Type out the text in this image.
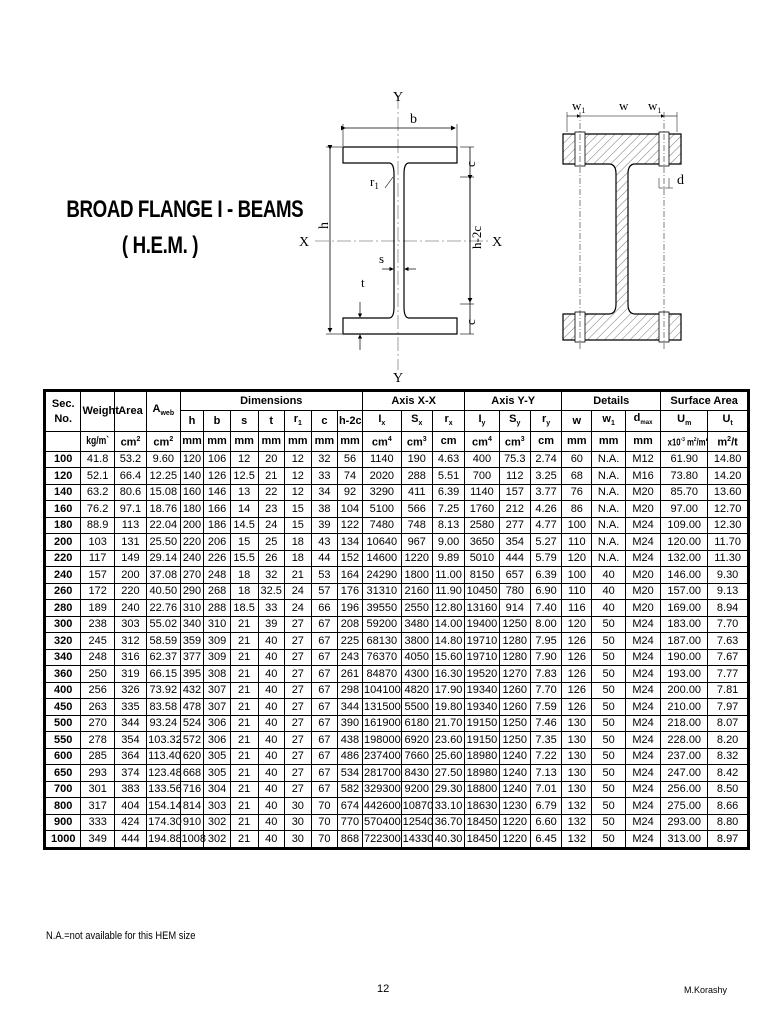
BROAD FLANGE I - BEAMS
( H.E.M. )
Y
Y
X	X
b
h
c
h-2c
c
$r_1$
s
t
$w_1$	w $w_1$
d
Sec.
No.	Weight	Area	$A_{web}$	Dimensions							Axis X-X			Axis Y-Y			Details			Surface Area	
				h	b	s	t	$r_1$	c	h-2c	$I_x$	$S_x$	$r_x$	$I_y$	$S_y$	$r_y$	w	$w_1$	$d_{max}$	$U_m$	$U_t$
	kg/m`	$cm^2$	$cm^2$	mm	mm	mm	mm	mm	mm	mm	$cm^4$	$cm^3$	cm	$cm^4$	$cm^3$	cm	mm	mm	mm	$x10^{-3}$ $m^2/m'$	$m^2/t$
100	41.8	53.2	9.60	120	106	12	20	12	32	56	1140	190	4.63	400	75.3	2.74	60	N.A.	M12	61.90	14.80
120	52.1	66.4	12.25	140	126	12.5	21	12	33	74	2020	288	5.51	700	112	3.25	68	N.A.	M16	73.80	14.20
140	63.2	80.6	15.08	160	146	13	22	12	34	92	3290	411	6.39	1140	157	3.77	76	N.A.	M20	85.70	13.60
160	76.2	97.1	18.76	180	166	14	23	15	38	104	5100	566	7.25	1760	212	4.26	86	N.A.	M20	97.00	12.70
180	88.9	113	22.04	200	186	14.5	24	15	39	122	7480	748	8.13	2580	277	4.77	100	N.A.	M24	109.00	12.30
200	103	131	25.50	220	206	15	25	18	43	134	10640	967	9.00	3650	354	5.27	110	N.A.	M24	120.00	11.70
220	117	149	29.14	240	226	15.5	26	18	44	152	14600	1220	9.89	5010	444	5.79	120	N.A.	M24	132.00	11.30
240	157	200	37.08	270	248	18	32	21	53	164	24290	1800	11.00	8150	657	6.39	100	40	M20	146.00	9.30
260	172	220	40.50	290	268	18	32.5	24	57	176	31310	2160	11.90	10450	780	6.90	110	40	M20	157.00	9.13
280	189	240	22.76	310	288	18.5	33	24	66	196	39550	2550	12.80	13160	914	7.40	116	40	M20	169.00	8.94
300	238	303	55.02	340	310	21	39	27	67	208	59200	3480	14.00	19400	1250	8.00	120	50	M24	183.00	7.70
320	245	312	58.59	359	309	21	40	27	67	225	68130	3800	14.80	19710	1280	7.95	126	50	M24	187.00	7.63
340	248	316	62.37	377	309	21	40	27	67	243	76370	4050	15.60	19710	1280	7.90	126	50	M24	190.00	7.67
360	250	319	66.15	395	308	21	40	27	67	261	84870	4300	16.30	19520	1270	7.83	126	50	M24	193.00	7.77
400	256	326	73.92	432	307	21	40	27	67	298	104100	4820	17.90	19340	1260	7.70	126	50	M24	200.00	7.81
450	263	335	83.58	478	307	21	40	27	67	344	131500	5500	19.80	19340	1260	7.59	126	50	M24	210.00	7.97
500	270	344	93.24	524	306	21	40	27	67	390	161900	6180	21.70	19150	1250	7.46	130	50	M24	218.00	8.07
550	278	354	103.32	572	306	21	40	27	67	438	198000	6920	23.60	19150	1250	7.35	130	50	M24	228.00	8.20
600	285	364	113.40	620	305	21	40	27	67	486	237400	7660	25.60	18980	1240	7.22	130	50	M24	237.00	8.32
650	293	374	123.48	668	305	21	40	27	67	534	281700	8430	27.50	18980	1240	7.13	130	50	M24	247.00	8.42
700	301	383	133.56	716	304	21	40	27	67	582	329300	9200	29.30	18800	1240	7.01	130	50	M24	256.00	8.50
800	317	404	154.14	814	303	21	40	30	70	674	442600	10870	33.10	18630	1230	6.79	132	50	M24	275.00	8.66
900	333	424	174.30	910	302	21	40	30	70	770	570400	12540	36.70	18450	1220	6.60	132	50	M24	293.00	8.80
1000	349	444	194.88	1008	302	21	40	30	70	868	722300	14330	40.30	18450	1220	6.45	132	50	M24	313.00	8.97
N.A.=not available for this HEM size
12	M.Korashy
